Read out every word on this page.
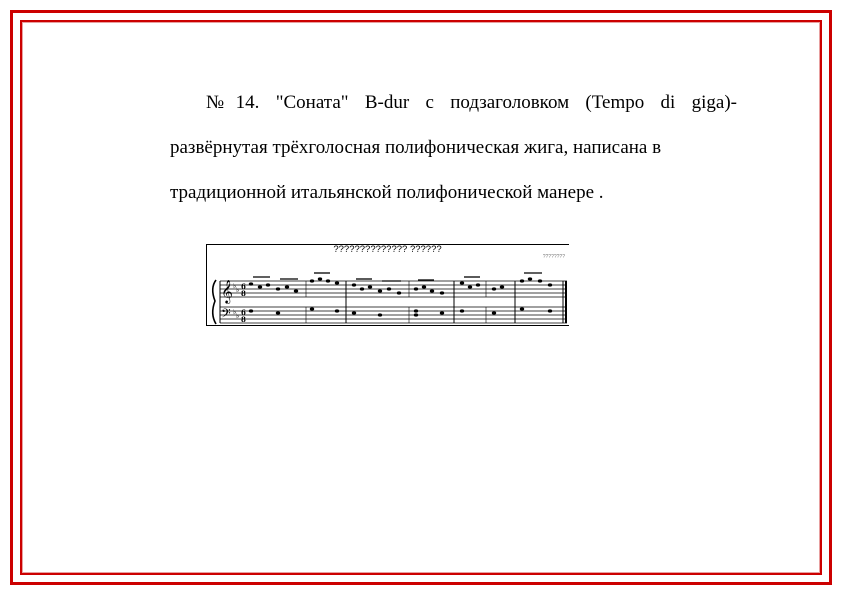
№14. "Соната" B-dur с подзаголовком (Tempo di giga)-
развёрнутая трёхголосная полифоническая жига, написана в
традиционной итальянской полифонической манере .
?????????????? ??????
????????
𝄞
𝄢
♭ ♭
♭ ♭
6
8
6
8
